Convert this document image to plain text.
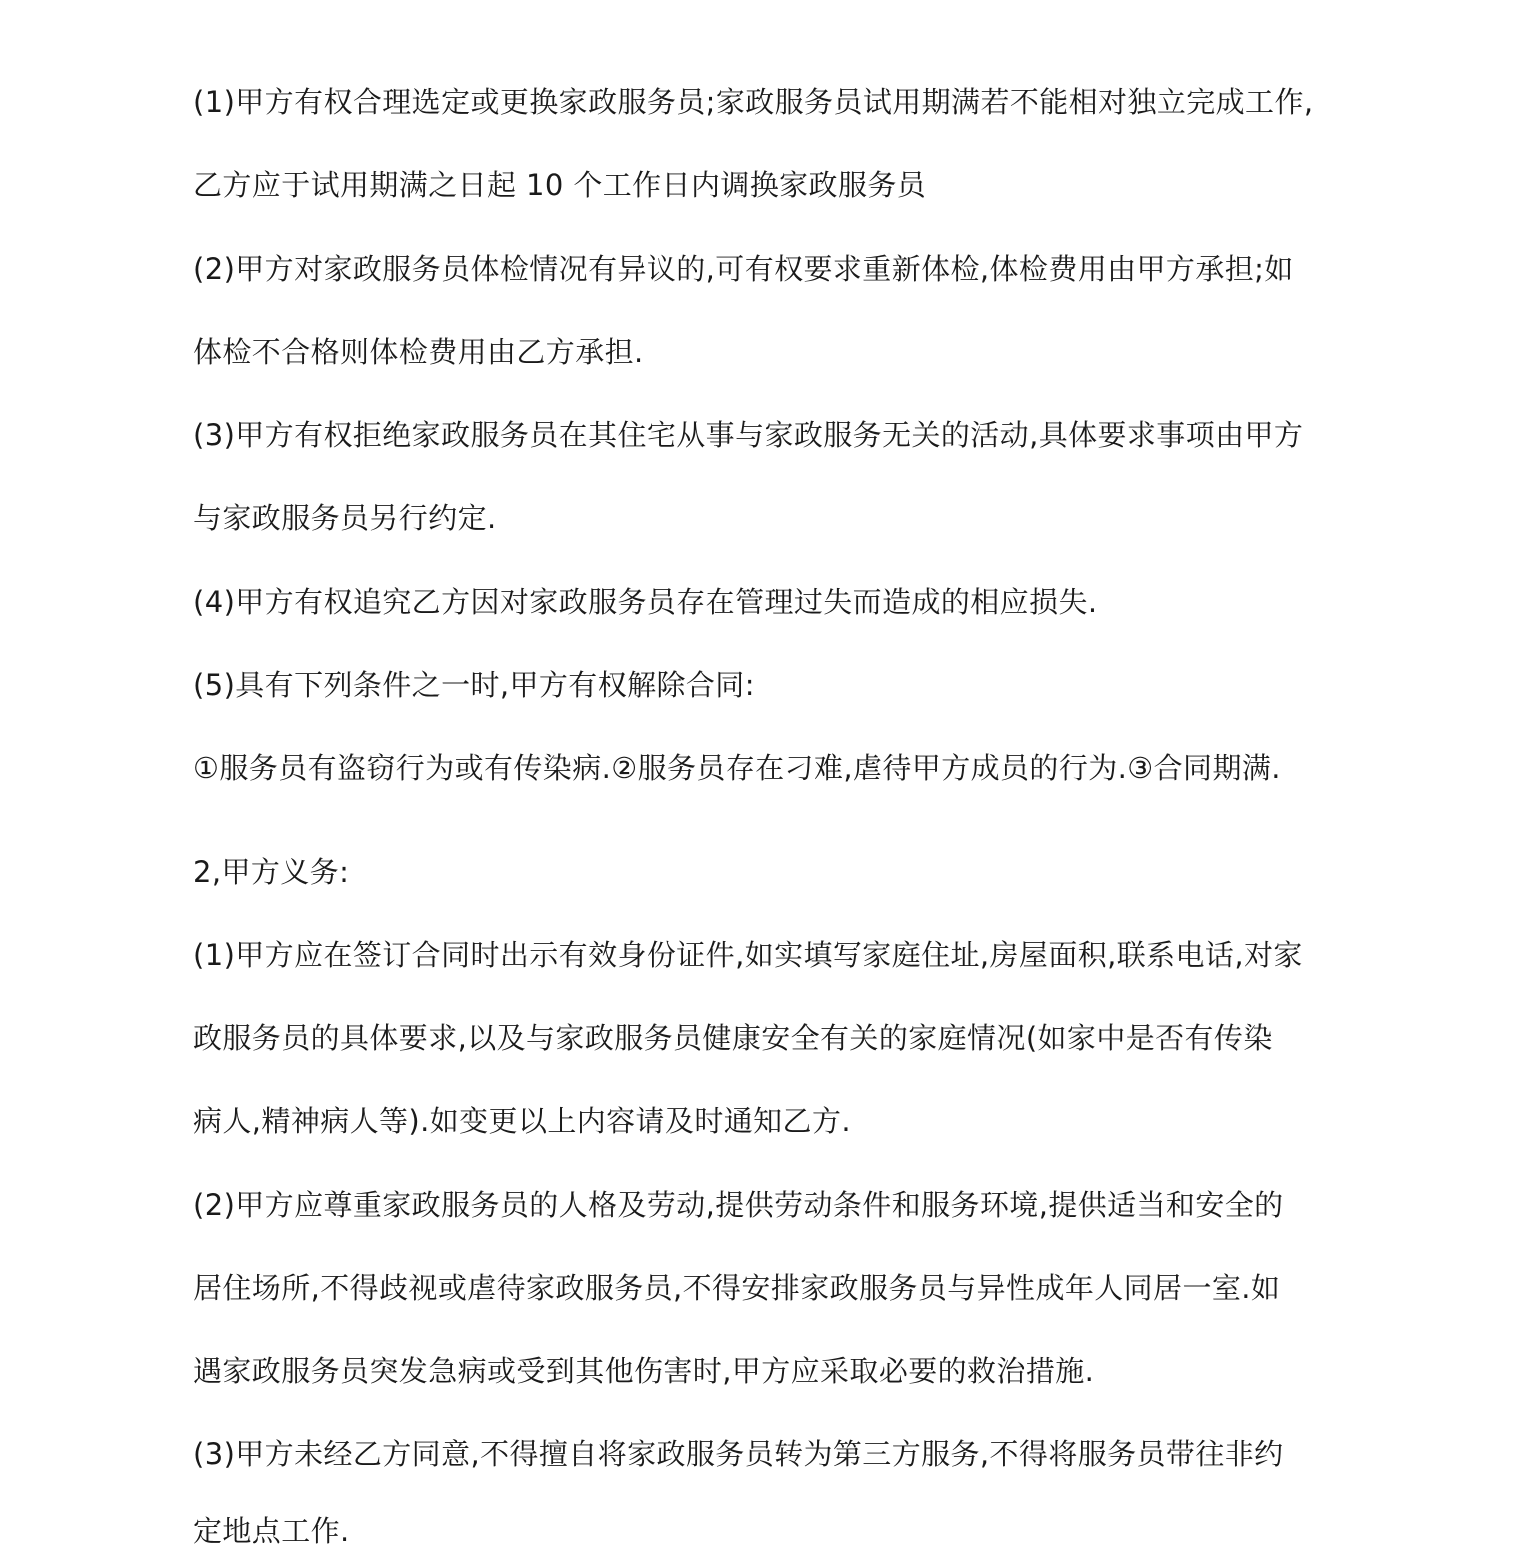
(1)甲方有权合理选定或更换家政服务员;家政服务员试用期满若不能相对独立完成工作,
乙方应于试用期满之日起 10 个工作日内调换家政服务员
(2)甲方对家政服务员体检情况有异议的,可有权要求重新体检,体检费用由甲方承担;如
体检不合格则体检费用由乙方承担.
(3)甲方有权拒绝家政服务员在其住宅从事与家政服务无关的活动,具体要求事项由甲方
与家政服务员另行约定.
(4)甲方有权追究乙方因对家政服务员存在管理过失而造成的相应损失.
(5)具有下列条件之一时,甲方有权解除合同:
①服务员有盗窃行为或有传染病.②服务员存在刁难,虐待甲方成员的行为.③合同期满.
2,甲方义务:
(1)甲方应在签订合同时出示有效身份证件,如实填写家庭住址,房屋面积,联系电话,对家
政服务员的具体要求,以及与家政服务员健康安全有关的家庭情况(如家中是否有传染
病人,精神病人等).如变更以上内容请及时通知乙方.
(2)甲方应尊重家政服务员的人格及劳动,提供劳动条件和服务环境,提供适当和安全的
居住场所,不得歧视或虐待家政服务员,不得安排家政服务员与异性成年人同居一室.如
遇家政服务员突发急病或受到其他伤害时,甲方应采取必要的救治措施.
(3)甲方未经乙方同意,不得擅自将家政服务员转为第三方服务,不得将服务员带往非约
定地点工作.
